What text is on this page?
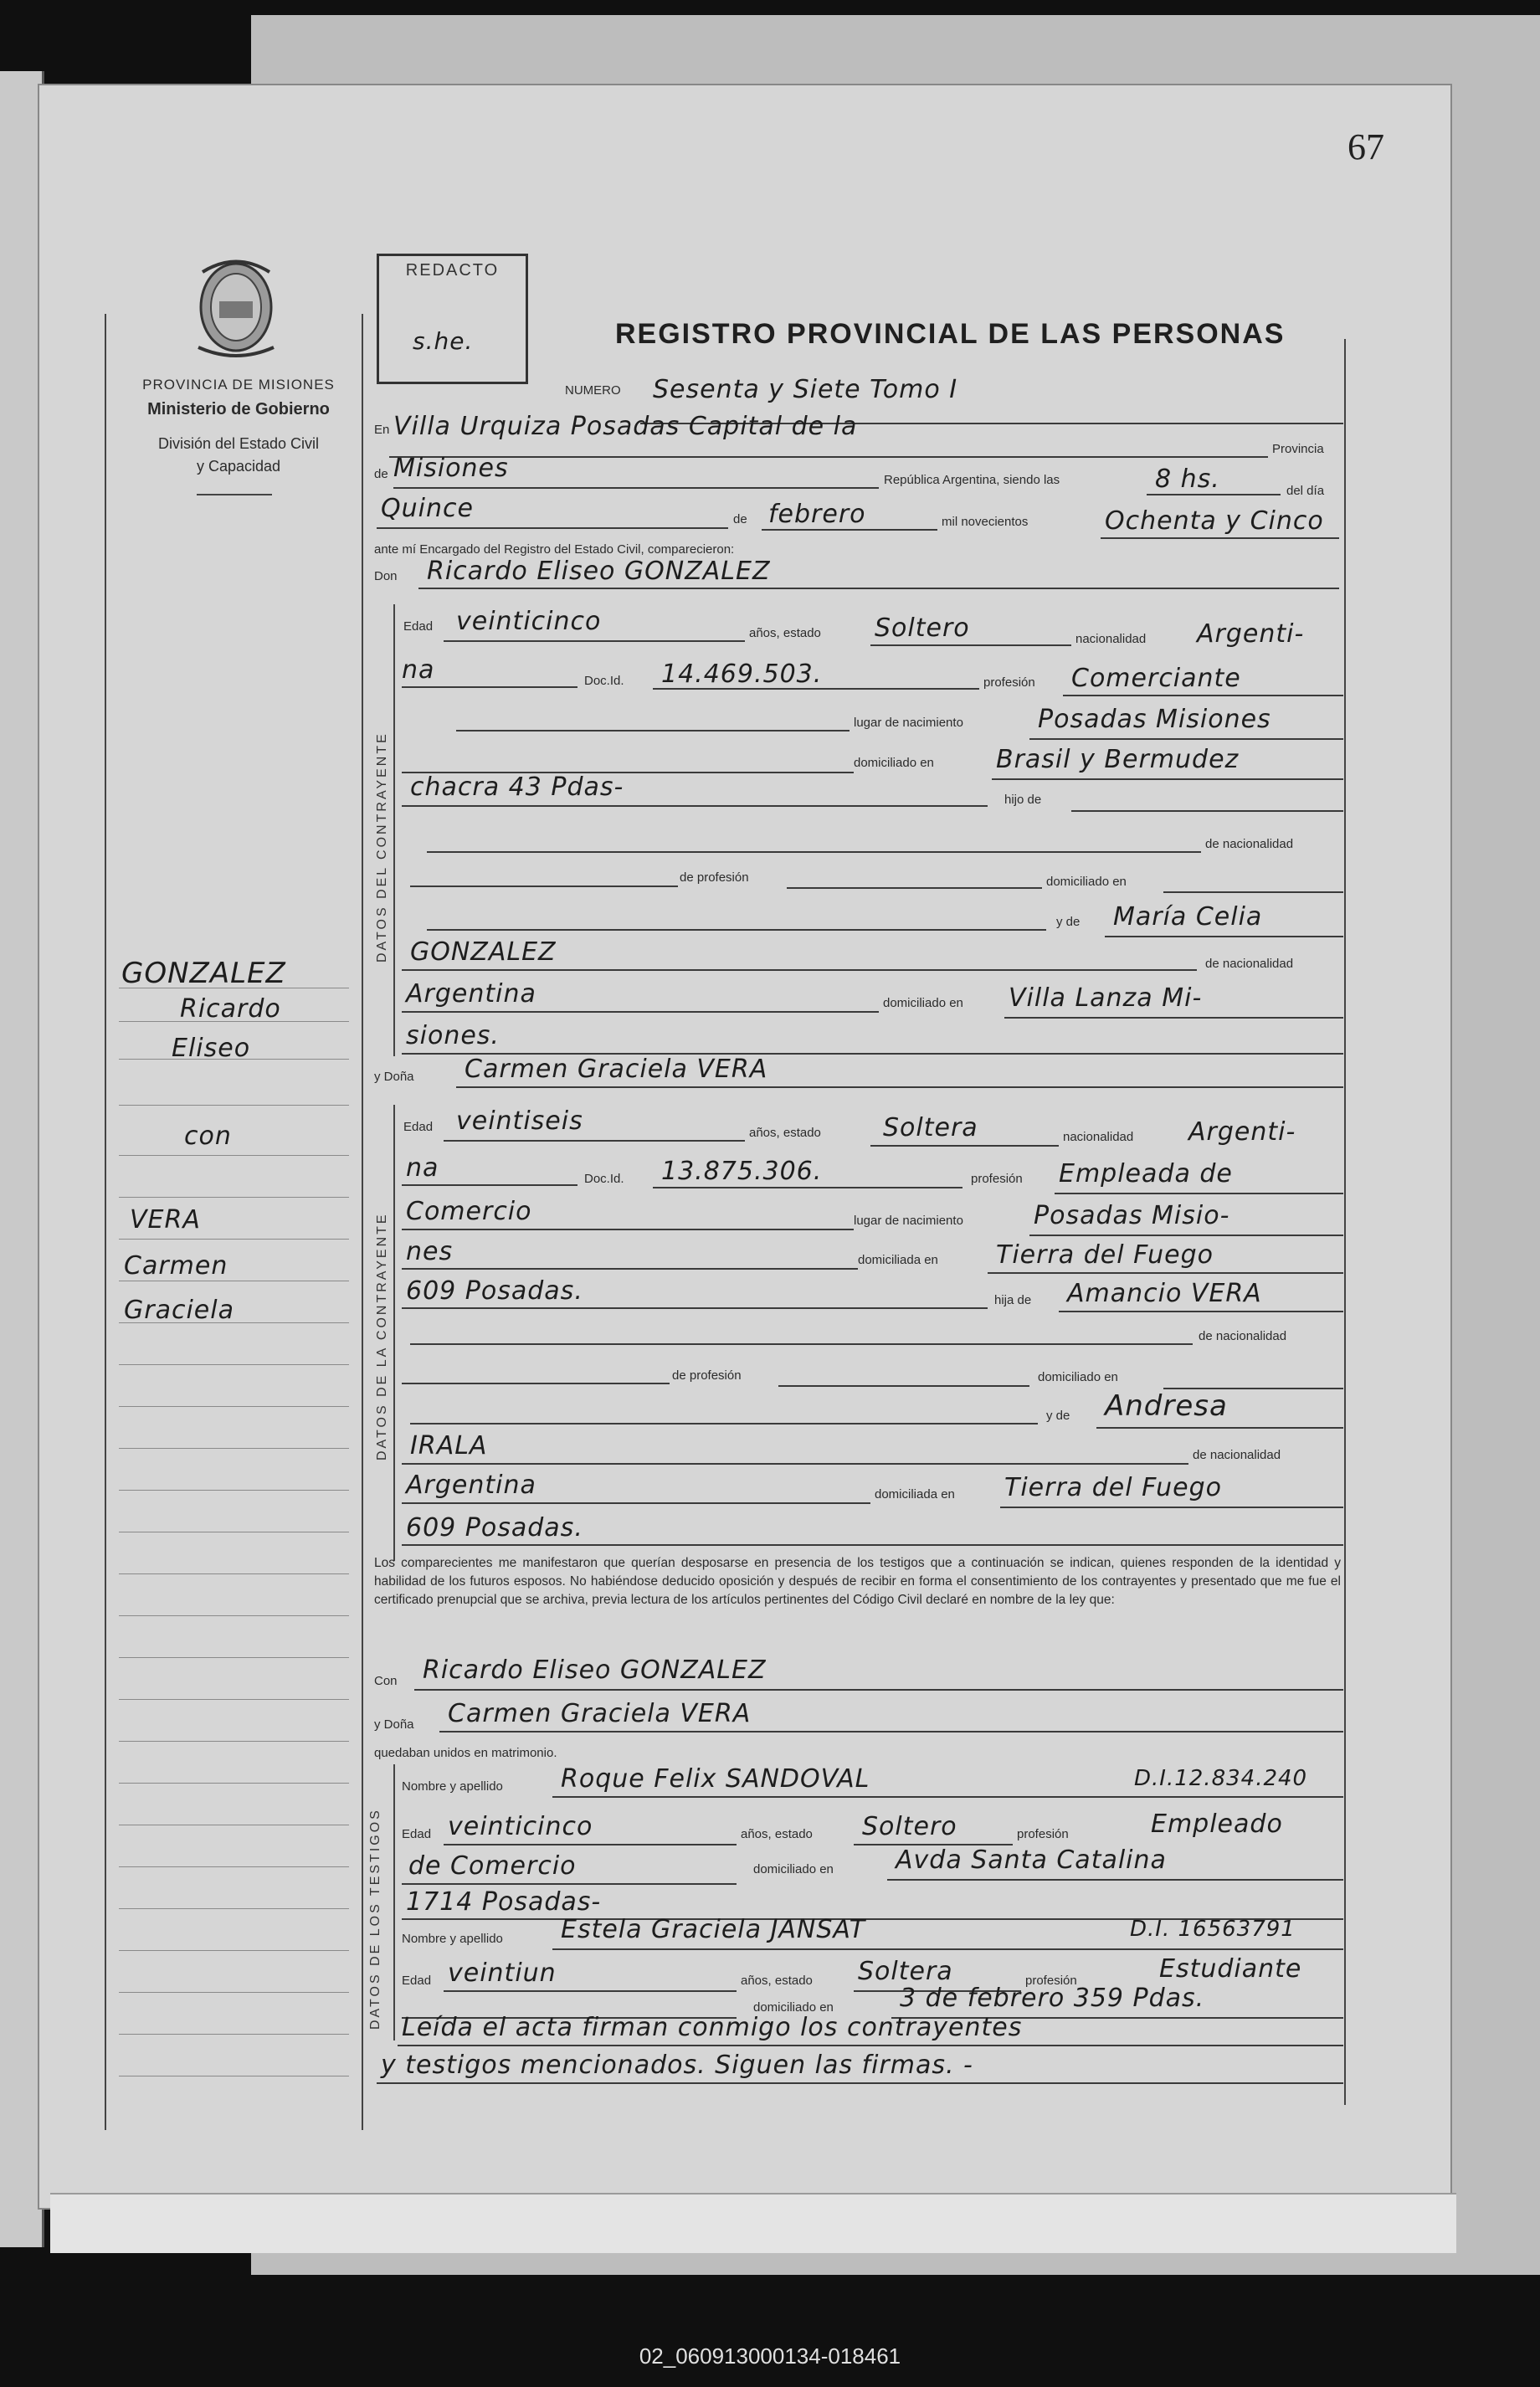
67
PROVINCIA DE MISIONES
Ministerio de Gobierno
División del Estado Civil
y Capacidad
REDACTO
s.he.	REGISTRO PROVINCIAL DE LAS PERSONAS
GONZALEZ
Ricardo
Eliseo
con
VERA
Carmen
Graciela
NUMERO Sesenta y Siete Tomo I
En Villa Urquiza Posadas Capital de la
Provincia
de Misiones	República Argentina, siendo las	8 hs.	del día
Quince	de febrero	mil novecientos	Ochenta y Cinco
ante mí Encargado del Registro del Estado Civil, comparecieron:
Don Ricardo Eliseo GONZALEZ
DATOS DEL CONTRAYENTE
Edad veinticinco	años, estado Soltero	nacionalidad Argenti-
na	Doc.Id. 14.469.503.	profesión Comerciante
lugar de nacimiento	Posadas Misiones
domiciliado en Brasil y Bermudez
chacra 43 Pdas-	hijo de
de nacionalidad
de profesión	domiciliado en
y de María Celia
GONZALEZ	de nacionalidad
Argentina	domiciliado en Villa Lanza Mi-
siones.
y Doña Carmen Graciela VERA
DATOS DE LA CONTRAYENTE
Edad veintiseis	años, estado Soltera	nacionalidad Argenti-
na	Doc.Id. 13.875.306.	profesión Empleada de
Comercio	lugar de nacimiento	Posadas Misio-
nes	domiciliada en Tierra del Fuego
609 Posadas.	hija de Amancio VERA
de nacionalidad
de profesión	domiciliado en
y de Andresa
IRALA	de nacionalidad
Argentina	domiciliada en Tierra del Fuego
609 Posadas.
Los comparecientes me manifestaron que querían desposarse en presencia de los testigos que a continuación se indican, quienes responden de la identidad y habilidad de los futuros esposos. No habiéndose deducido oposición y después de recibir en forma el consentimiento de los contrayentes y presentado que me fue el certificado prenupcial que se archiva, previa lectura de los artículos pertinentes del Código Civil declaré en nombre de la ley que:
Con Ricardo Eliseo GONZALEZ
y Doña Carmen Graciela VERA
quedaban unidos en matrimonio.
DATOS DE LOS TESTIGOS
Nombre y apellido Roque Felix SANDOVAL	D.I.12.834.240
Edad veinticinco	años, estado Soltero	profesión	Empleado
de Comercio	domiciliado en Avda Santa Catalina
1714 Posadas-
Nombre y apellido Estela Graciela JANSAT	D.I. 16563791
Edad veintiun	años, estado Soltera	profesión	Estudiante
domiciliado en	3 de febrero 359 Pdas.
Leída el acta firman conmigo los contrayentes
y testigos mencionados. Siguen las firmas. -
02_060913000134-018461
